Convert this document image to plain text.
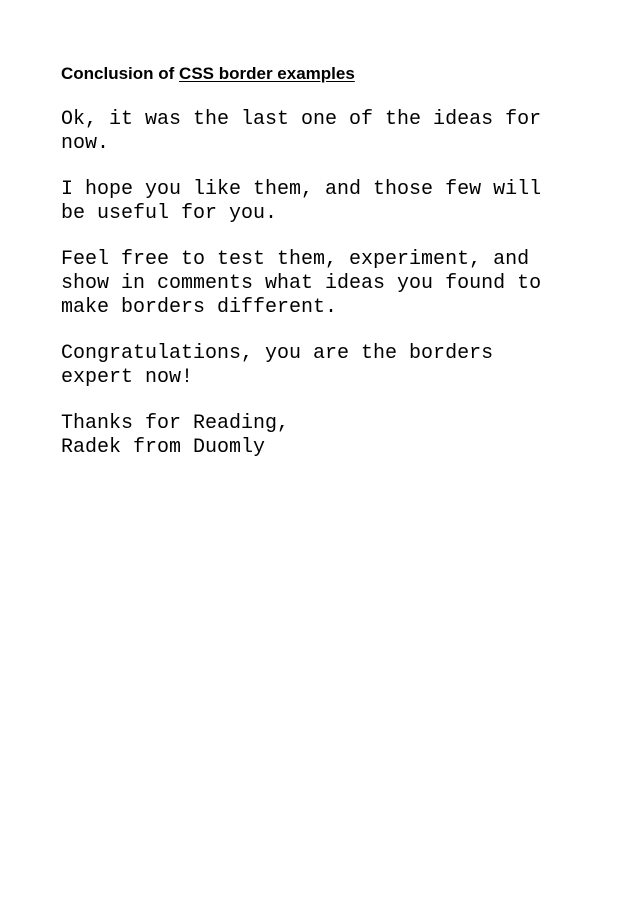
Conclusion of CSS border examples

Ok, it was the last one of the ideas for
now.

I hope you like them, and those few will
be useful for you.

Feel free to test them, experiment, and
show in comments what ideas you found to
make borders different.

Congratulations, you are the borders
expert now!

Thanks for Reading,
Radek from Duomly
